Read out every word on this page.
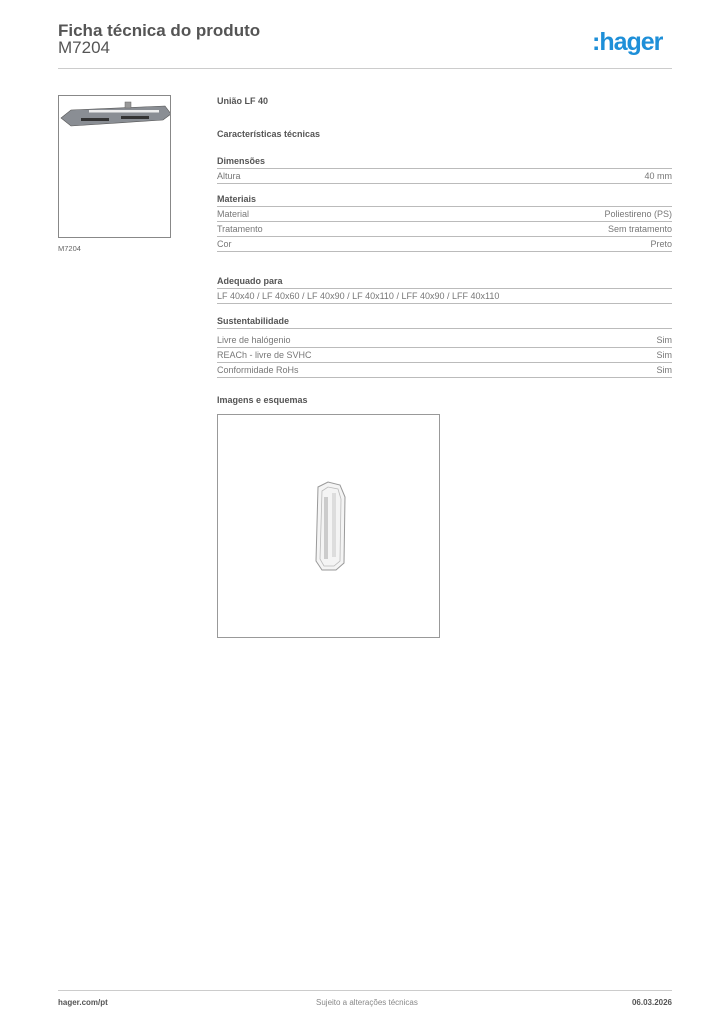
Ficha técnica do produto
M7204	:hager
M7204
União LF 40
Características técnicas
Dimensões
Altura	40 mm
Materiais
Material	Poliestireno (PS)
Tratamento	Sem tratamento
Cor	Preto
Adequado para
LF 40x40 / LF 40x60 / LF 40x90 / LF 40x110 / LFF 40x90 / LFF 40x110
Sustentabilidade
Livre de halógenio	Sim
REACh - livre de SVHC	Sim
Conformidade RoHs	Sim
Imagens e esquemas
hager.com/pt	Sujeito a alterações técnicas	06.03.2026
